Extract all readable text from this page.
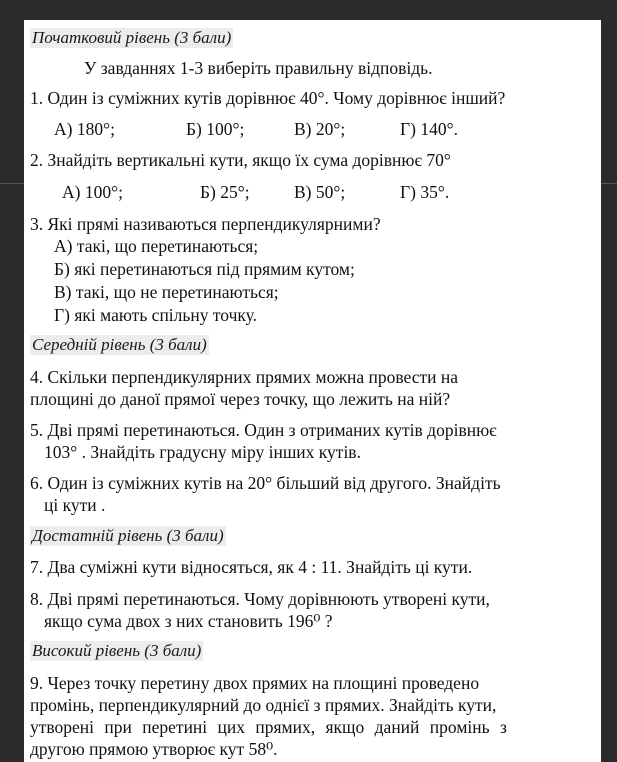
Початковий рівень (3 бали)
У завданнях 1-3 виберіть правильну відповідь.
1. Один із суміжних кутів дорівнює 40°. Чому дорівнює інший?
А) 180°;	Б) 100°;	В) 20°;	Г) 140°.
2. Знайдіть вертикальні кути, якщо їх сума дорівнює 70°
А) 100°;	Б) 25°;	В) 50°;	Г) 35°.
3. Які прямі називаються перпендикулярними?
А) такі, що перетинаються;
Б) які перетинаються під прямим кутом;
В) такі, що не перетинаються;
Г) які мають спільну точку.
Середній рівень (3 бали)
4. Скільки перпендикулярних прямих можна провести на
площині до даної прямої через точку, що лежить на ній?
5. Дві прямі перетинаються. Один з отриманих кутів дорівнює
103° . Знайдіть градусну міру інших кутів.
6. Один із суміжних кутів на 20° більший від другого. Знайдіть
ці кути .
Достатній рівень (3 бали)
7. Два суміжні кути відносяться, як 4 : 11. Знайдіть ці кути.
8. Дві прямі перетинаються. Чому дорівнюють утворені кути,
якщо сума двох з них становить 196⁰ ?
Високий рівень (3 бали)
9. Через точку перетину двох прямих на площині проведено
промінь, перпендикулярний до однієї з прямих. Знайдіть кути,
утворені при перетині цих прямих, якщо даний промінь з
другою прямою утворює кут 58⁰.
